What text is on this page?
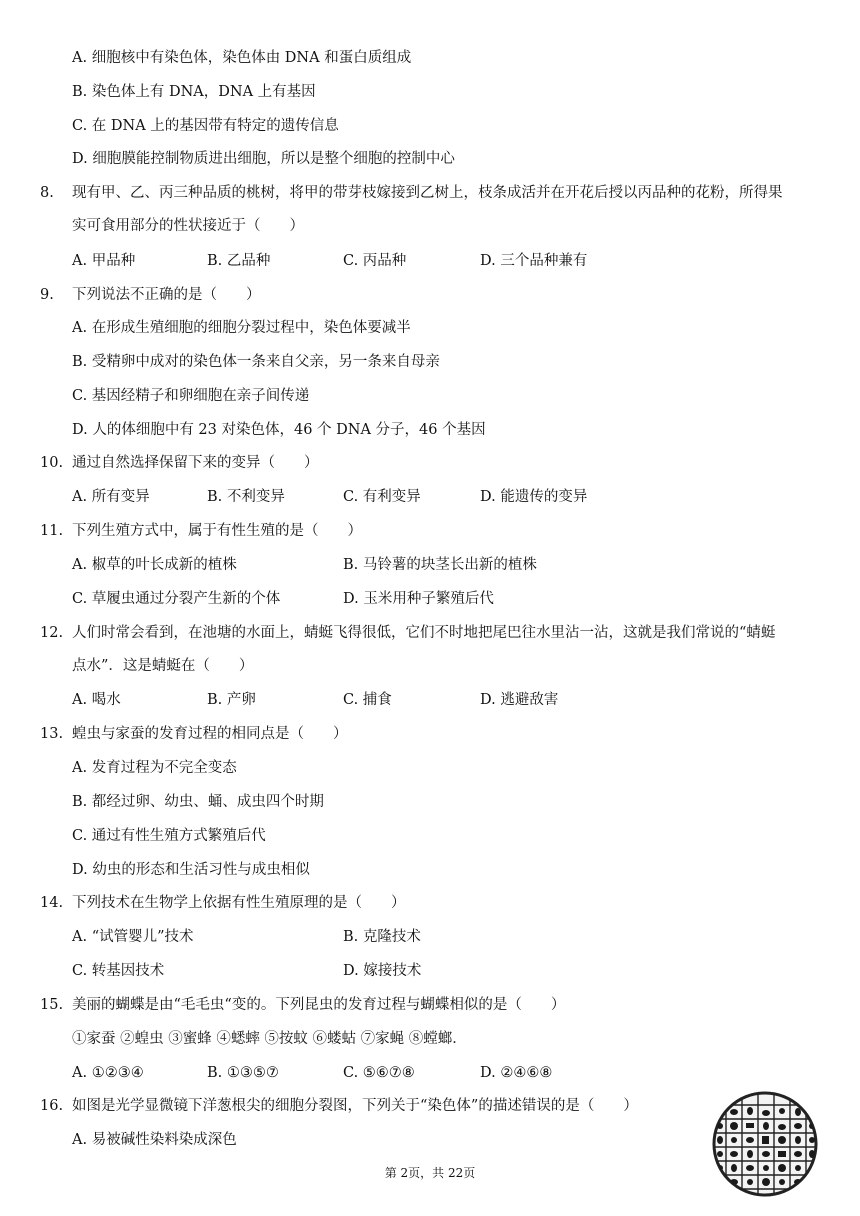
A. 细胞核中有染色体，染色体由 DNA 和蛋白质组成
B. 染色体上有 DNA，DNA 上有基因
C. 在 DNA 上的基因带有特定的遗传信息
D. 细胞膜能控制物质进出细胞，所以是整个细胞的控制中心
8. 现有甲、乙、丙三种品质的桃树，将甲的带芽枝嫁接到乙树上，枝条成活并在开花后授以丙品种的花粉，所得果
实可食用部分的性状接近于（　　）
A. 甲品种	B. 乙品种	C. 丙品种	D. 三个品种兼有
9. 下列说法不正确的是（　　）
A. 在形成生殖细胞的细胞分裂过程中，染色体要减半
B. 受精卵中成对的染色体一条来自父亲，另一条来自母亲
C. 基因经精子和卵细胞在亲子间传递
D. 人的体细胞中有 23 对染色体，46 个 DNA 分子，46 个基因
10. 通过自然选择保留下来的变异（　　）
A. 所有变异	B. 不利变异	C. 有利变异	D. 能遗传的变异
11. 下列生殖方式中，属于有性生殖的是（　　）
A. 椒草的叶长成新的植株	B. 马铃薯的块茎长出新的植株
C. 草履虫通过分裂产生新的个体	D. 玉米用种子繁殖后代
12. 人们时常会看到，在池塘的水面上，蜻蜓飞得很低，它们不时地把尾巴往水里沾一沾，这就是我们常说的“蜻蜓
点水”．这是蜻蜓在（　　）
A. 喝水	B. 产卵	C. 捕食	D. 逃避敌害
13. 蝗虫与家蚕的发育过程的相同点是（　　）
A. 发育过程为不完全变态
B. 都经过卵、幼虫、蛹、成虫四个时期
C. 通过有性生殖方式繁殖后代
D. 幼虫的形态和生活习性与成虫相似
14. 下列技术在生物学上依据有性生殖原理的是（　　）
A. “试管婴儿”技术	B. 克隆技术
C. 转基因技术	D. 嫁接技术
15. 美丽的蝴蝶是由“毛毛虫“变的。下列昆虫的发育过程与蝴蝶相似的是（　　）
①家蚕 ②蝗虫 ③蜜蜂 ④蟋蟀 ⑤按蚊 ⑥蝼蛄 ⑦家蝇 ⑧螳螂．
A. ①②③④	B. ①③⑤⑦	C. ⑤⑥⑦⑧	D. ②④⑥⑧
16. 如图是光学显微镜下洋葱根尖的细胞分裂图，下列关于“染色体”的描述错误的是（　　）
A. 易被碱性染料染成深色
第 2页，共 22页
